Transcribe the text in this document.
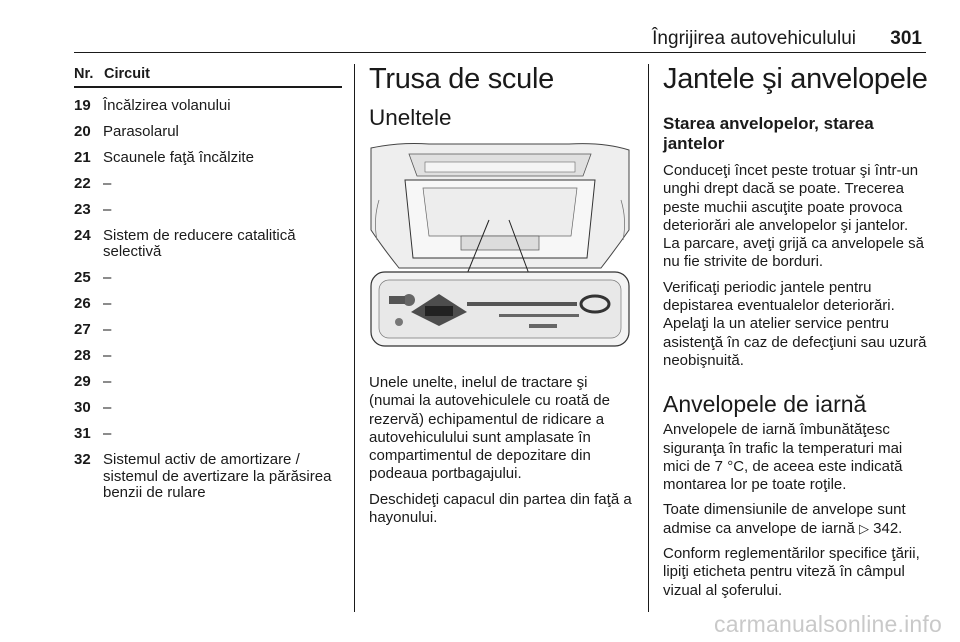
Îngrijirea autovehiculului 301
Nr. Circuit
19 Încălzirea volanului
20 Parasolarul
21 Scaunele faţă încălzite
22 –
23 –
24 Sistem de reducere catalitică selectivă
25 –
26 –
27 –
28 –
29 –
30 –
31 –
32 Sistemul activ de amortizare / sistemul de avertizare la părăsirea benzii de rulare
Trusa de scule
Uneltele

Unele unelte, inelul de tractare şi (numai la autovehiculele cu roată de rezervă) echipamentul de ridicare a autovehiculului sunt amplasate în compartimentul de depozitare din podeaua portbagajului.

Deschideţi capacul din partea din faţă a hayonului.

Jantele şi anvelopele
Starea anvelopelor, starea jantelor

Conduceţi încet peste trotuar şi într-un unghi drept dacă se poate. Trecerea peste muchii ascuţite poate provoca deteriorări ale anvelopelor şi jantelor. La parcare, aveţi grijă ca anvelopele să nu fie strivite de borduri.

Verificaţi periodic jantele pentru depistarea eventualelor deteriorări. Apelaţi la un atelier service pentru asistenţă în caz de defecţiuni sau uzură neobişnuită.

Anvelopele de iarnă

Anvelopele de iarnă îmbunătăţesc siguranţa în trafic la temperaturi mai mici de 7 °C, de aceea este indicată montarea lor pe toate roţile.

Toate dimensiunile de anvelope sunt admise ca anvelope de iarnă ▷ 342.

Conform reglementărilor specifice ţării, lipiţi eticheta pentru viteză în câmpul vizual al şoferului.

carmanualsonline.info
